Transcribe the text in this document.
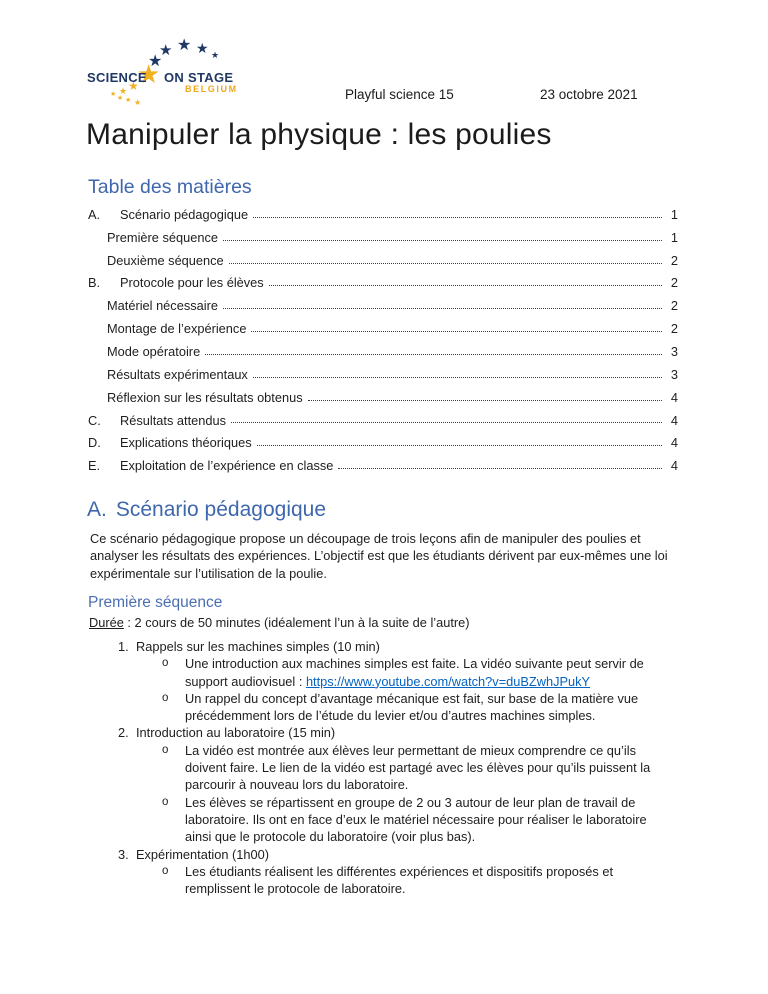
★
★
★
★
★
★
★
★
★
★
★
★
SCIENCE ON STAGE
BELGIUM	Playful science 15	23 octobre 2021
Manipuler la physique : les poulies
Table des matières
A.	Scénario pédagogique	1
Première séquence	1
Deuxième séquence	2
B.	Protocole pour les élèves	2
Matériel nécessaire	2
Montage de l’expérience	2
Mode opératoire	3
Résultats expérimentaux	3
Réflexion sur les résultats obtenus	4
C.	Résultats attendus	4
D.	Explications théoriques	4
E.	Exploitation de l’expérience en classe	4
A. Scénario pédagogique

Ce scénario pédagogique propose un découpage de trois leçons afin de manipuler des poulies et analyser les résultats des expériences. L’objectif est que les étudiants dérivent par eux-mêmes une loi expérimentale sur l’utilisation de la poulie.

Première séquence

Durée : 2 cours de 50 minutes (idéalement l’un à la suite de l’autre)

1. Rappels sur les machines simples (10 min)
o	Une introduction aux machines simples est faite. La vidéo suivante peut servir de support audiovisuel : https://www.youtube.com/watch?v=duBZwhJPukY
o	Un rappel du concept d’avantage mécanique est fait, sur base de la matière vue précédemment lors de l’étude du levier et/ou d’autres machines simples.
2. Introduction au laboratoire (15 min)
o	La vidéo est montrée aux élèves leur permettant de mieux comprendre ce qu’ils doivent faire. Le lien de la vidéo est partagé avec les élèves pour qu’ils puissent la parcourir à nouveau lors du laboratoire.
o	Les élèves se répartissent en groupe de 2 ou 3 autour de leur plan de travail de laboratoire. Ils ont en face d’eux le matériel nécessaire pour réaliser le laboratoire ainsi que le protocole du laboratoire (voir plus bas).
3. Expérimentation (1h00)
o	Les étudiants réalisent les différentes expériences et dispositifs proposés et remplissent le protocole de laboratoire.
